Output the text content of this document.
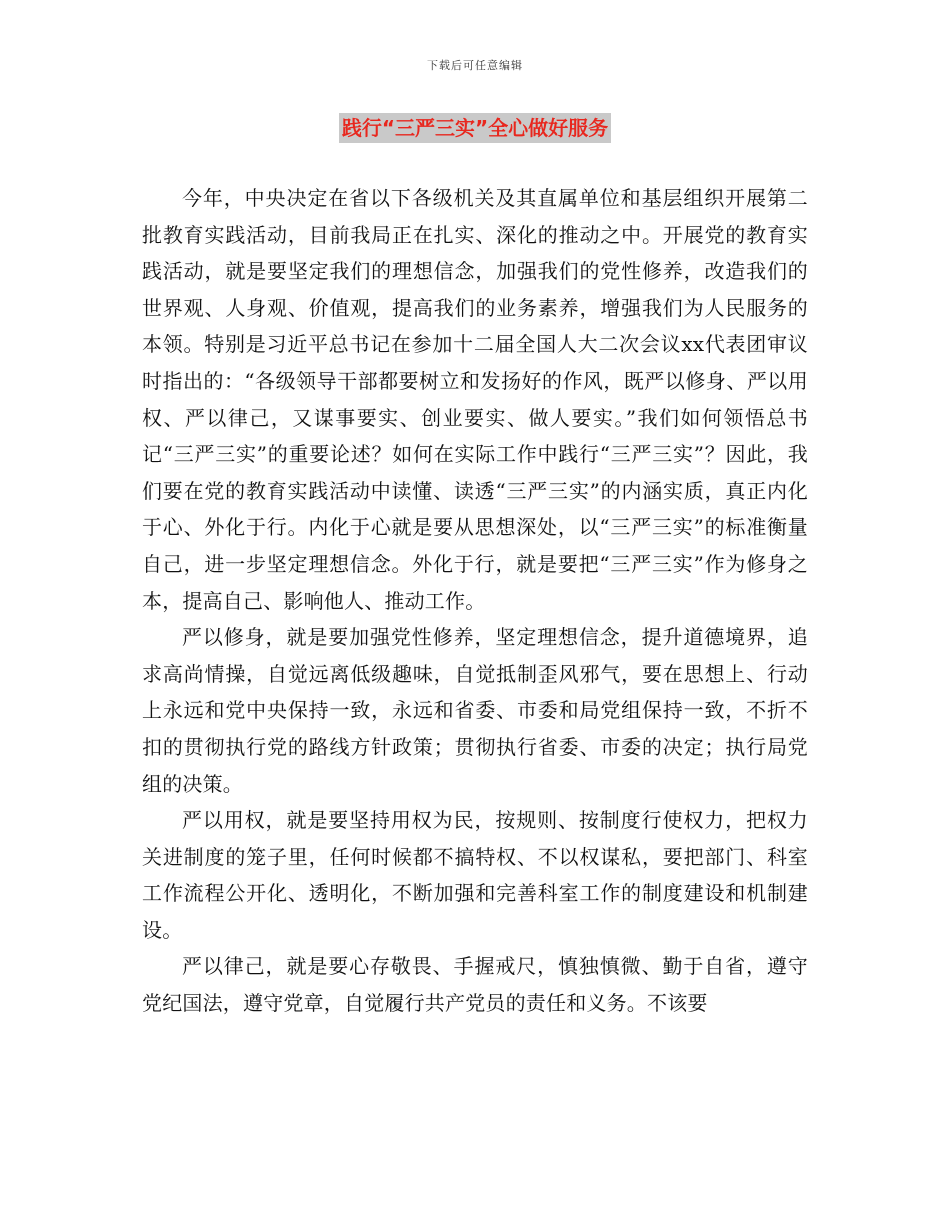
下载后可任意编辑
践行“三严三实”全心做好服务

今年，中央决定在省以下各级机关及其直属单位和基层组织开展第二批教育实践活动，目前我局正在扎实、深化的推动之中。开展党的教育实践活动，就是要坚定我们的理想信念，加强我们的党性修养，改造我们的世界观、人身观、价值观，提高我们的业务素养，增强我们为人民服务的本领。特别是习近平总书记在参加十二届全国人大二次会议xx代表团审议时指出的：“各级领导干部都要树立和发扬好的作风，既严以修身、严以用权、严以律己，又谋事要实、创业要实、做人要实。”我们如何领悟总书记“三严三实”的重要论述？如何在实际工作中践行“三严三实”？因此，我们要在党的教育实践活动中读懂、读透“三严三实”的内涵实质，真正内化于心、外化于行。内化于心就是要从思想深处，以“三严三实”的标准衡量自己，进一步坚定理想信念。外化于行，就是要把“三严三实”作为修身之本，提高自己、影响他人、推动工作。

严以修身，就是要加强党性修养，坚定理想信念，提升道德境界，追求高尚情操，自觉远离低级趣味，自觉抵制歪风邪气，要在思想上、行动上永远和党中央保持一致，永远和省委、市委和局党组保持一致，不折不扣的贯彻执行党的路线方针政策；贯彻执行省委、市委的决定；执行局党组的决策。

严以用权，就是要坚持用权为民，按规则、按制度行使权力，把权力关进制度的笼子里，任何时候都不搞特权、不以权谋私，要把部门、科室工作流程公开化、透明化，不断加强和完善科室工作的制度建设和机制建设。

严以律己，就是要心存敬畏、手握戒尺，慎独慎微、勤于自省，遵守党纪国法，遵守党章，自觉履行共产党员的责任和义务。不该要
